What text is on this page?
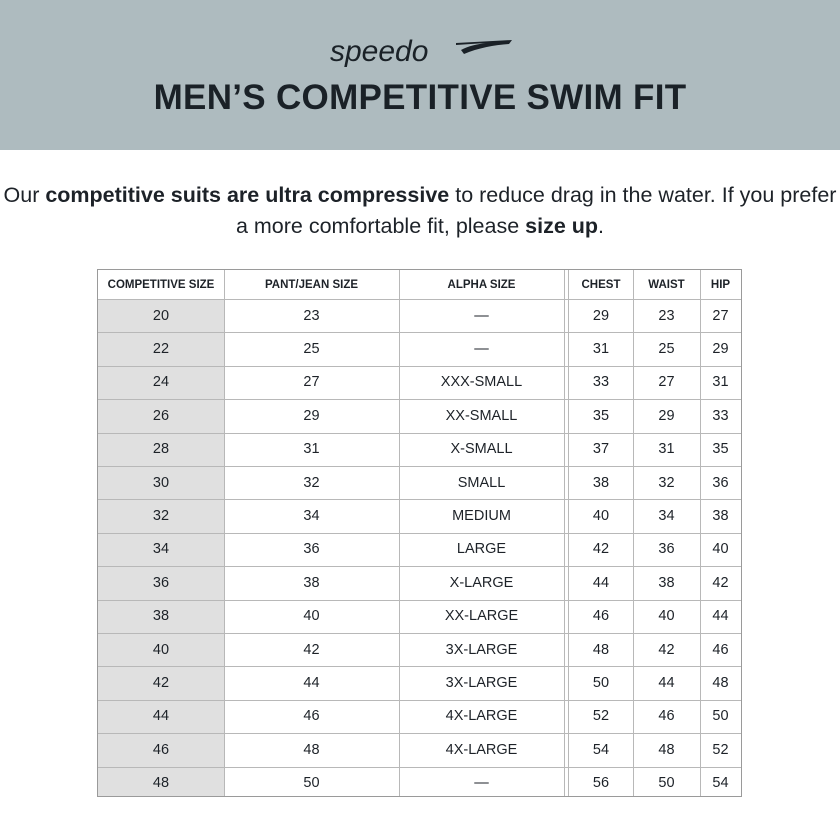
speedo
MEN’S COMPETITIVE SWIM FIT
Our competitive suits are ultra compressive to reduce drag in the water. If you prefer a more comfortable fit, please size up.
COMPETITIVE SIZE	PANT/JEAN SIZE	ALPHA SIZE	CHEST	WAIST	HIP
20	23	—	29	23	27
22	25	—	31	25	29
24	27	XXX-SMALL	33	27	31
26	29	XX-SMALL	35	29	33
28	31	X-SMALL	37	31	35
30	32	SMALL	38	32	36
32	34	MEDIUM	40	34	38
34	36	LARGE	42	36	40
36	38	X-LARGE	44	38	42
38	40	XX-LARGE	46	40	44
40	42	3X-LARGE	48	42	46
42	44	3X-LARGE	50	44	48
44	46	4X-LARGE	52	46	50
46	48	4X-LARGE	54	48	52
48	50	—	56	50	54
